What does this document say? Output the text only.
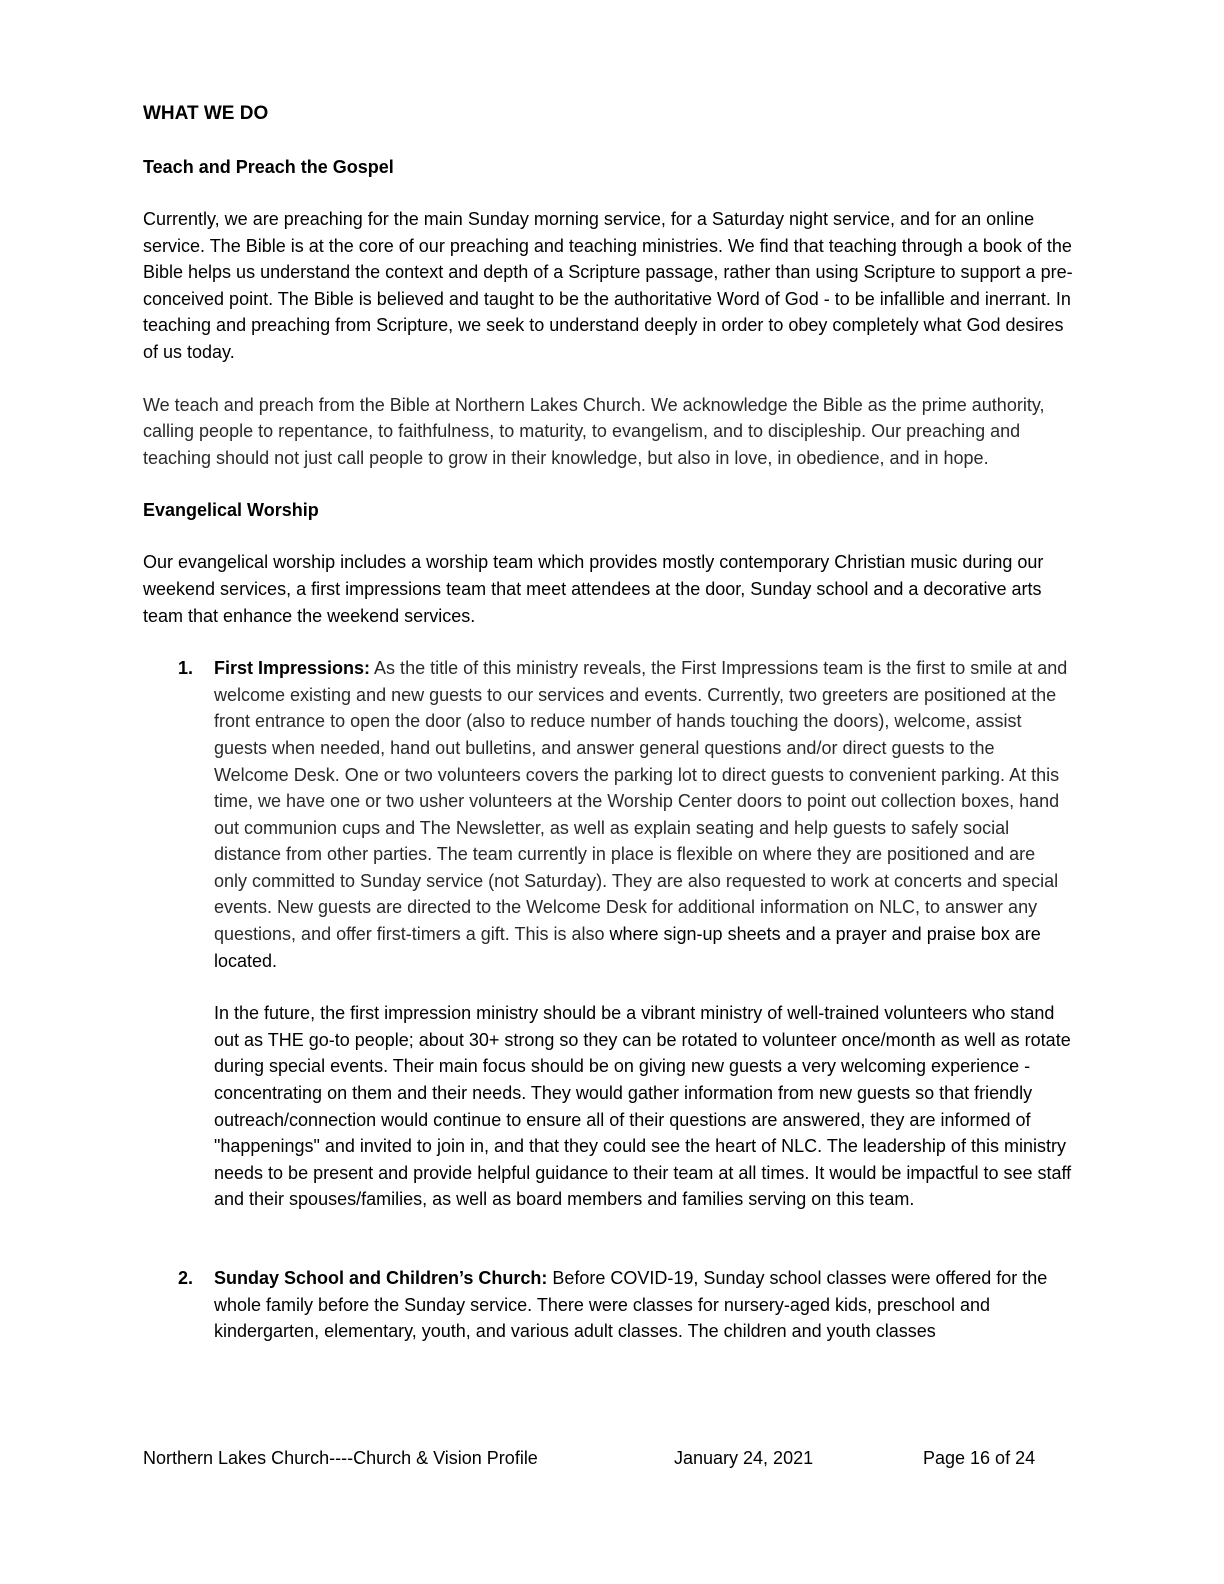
WHAT WE DO
Teach and Preach the Gospel

Currently, we are preaching for the main Sunday morning service, for a Saturday night service, and for an online service. The Bible is at the core of our preaching and teaching ministries. We find that teaching through a book of the Bible helps us understand the context and depth of a Scripture passage, rather than using Scripture to support a pre-conceived point. The Bible is believed and taught to be the authoritative Word of God - to be infallible and inerrant. In teaching and preaching from Scripture, we seek to understand deeply in order to obey completely what God desires of us today.

We teach and preach from the Bible at Northern Lakes Church. We acknowledge the Bible as the prime authority, calling people to repentance, to faithfulness, to maturity, to evangelism, and to discipleship. Our preaching and teaching should not just call people to grow in their knowledge, but also in love, in obedience, and in hope.

Evangelical Worship

Our evangelical worship includes a worship team which provides mostly contemporary Christian music during our weekend services, a first impressions team that meet attendees at the door, Sunday school and a decorative arts team that enhance the weekend services.

1. First Impressions: As the title of this ministry reveals, the First Impressions team is the first to smile at and welcome existing and new guests to our services and events. Currently, two greeters are positioned at the front entrance to open the door (also to reduce number of hands touching the doors), welcome, assist guests when needed, hand out bulletins, and answer general questions and/or direct guests to the Welcome Desk. One or two volunteers covers the parking lot to direct guests to convenient parking. At this time, we have one or two usher volunteers at the Worship Center doors to point out collection boxes, hand out communion cups and The Newsletter, as well as explain seating and help guests to safely social distance from other parties. The team currently in place is flexible on where they are positioned and are only committed to Sunday service (not Saturday). They are also requested to work at concerts and special events. New guests are directed to the Welcome Desk for additional information on NLC, to answer any questions, and offer first-timers a gift. This is also where sign-up sheets and a prayer and praise box are located.

In the future, the first impression ministry should be a vibrant ministry of well-trained volunteers who stand out as THE go-to people; about 30+ strong so they can be rotated to volunteer once/month as well as rotate during special events. Their main focus should be on giving new guests a very welcoming experience - concentrating on them and their needs. They would gather information from new guests so that friendly outreach/connection would continue to ensure all of their questions are answered, they are informed of "happenings" and invited to join in, and that they could see the heart of NLC. The leadership of this ministry needs to be present and provide helpful guidance to their team at all times. It would be impactful to see staff and their spouses/families, as well as board members and families serving on this team.

2. Sunday School and Children’s Church: Before COVID-19, Sunday school classes were offered for the whole family before the Sunday service. There were classes for nursery-aged kids, preschool and kindergarten, elementary, youth, and various adult classes. The children and youth classes
Northern Lakes Church----Church & Vision Profile	January 24, 2021	Page 16 of 24
